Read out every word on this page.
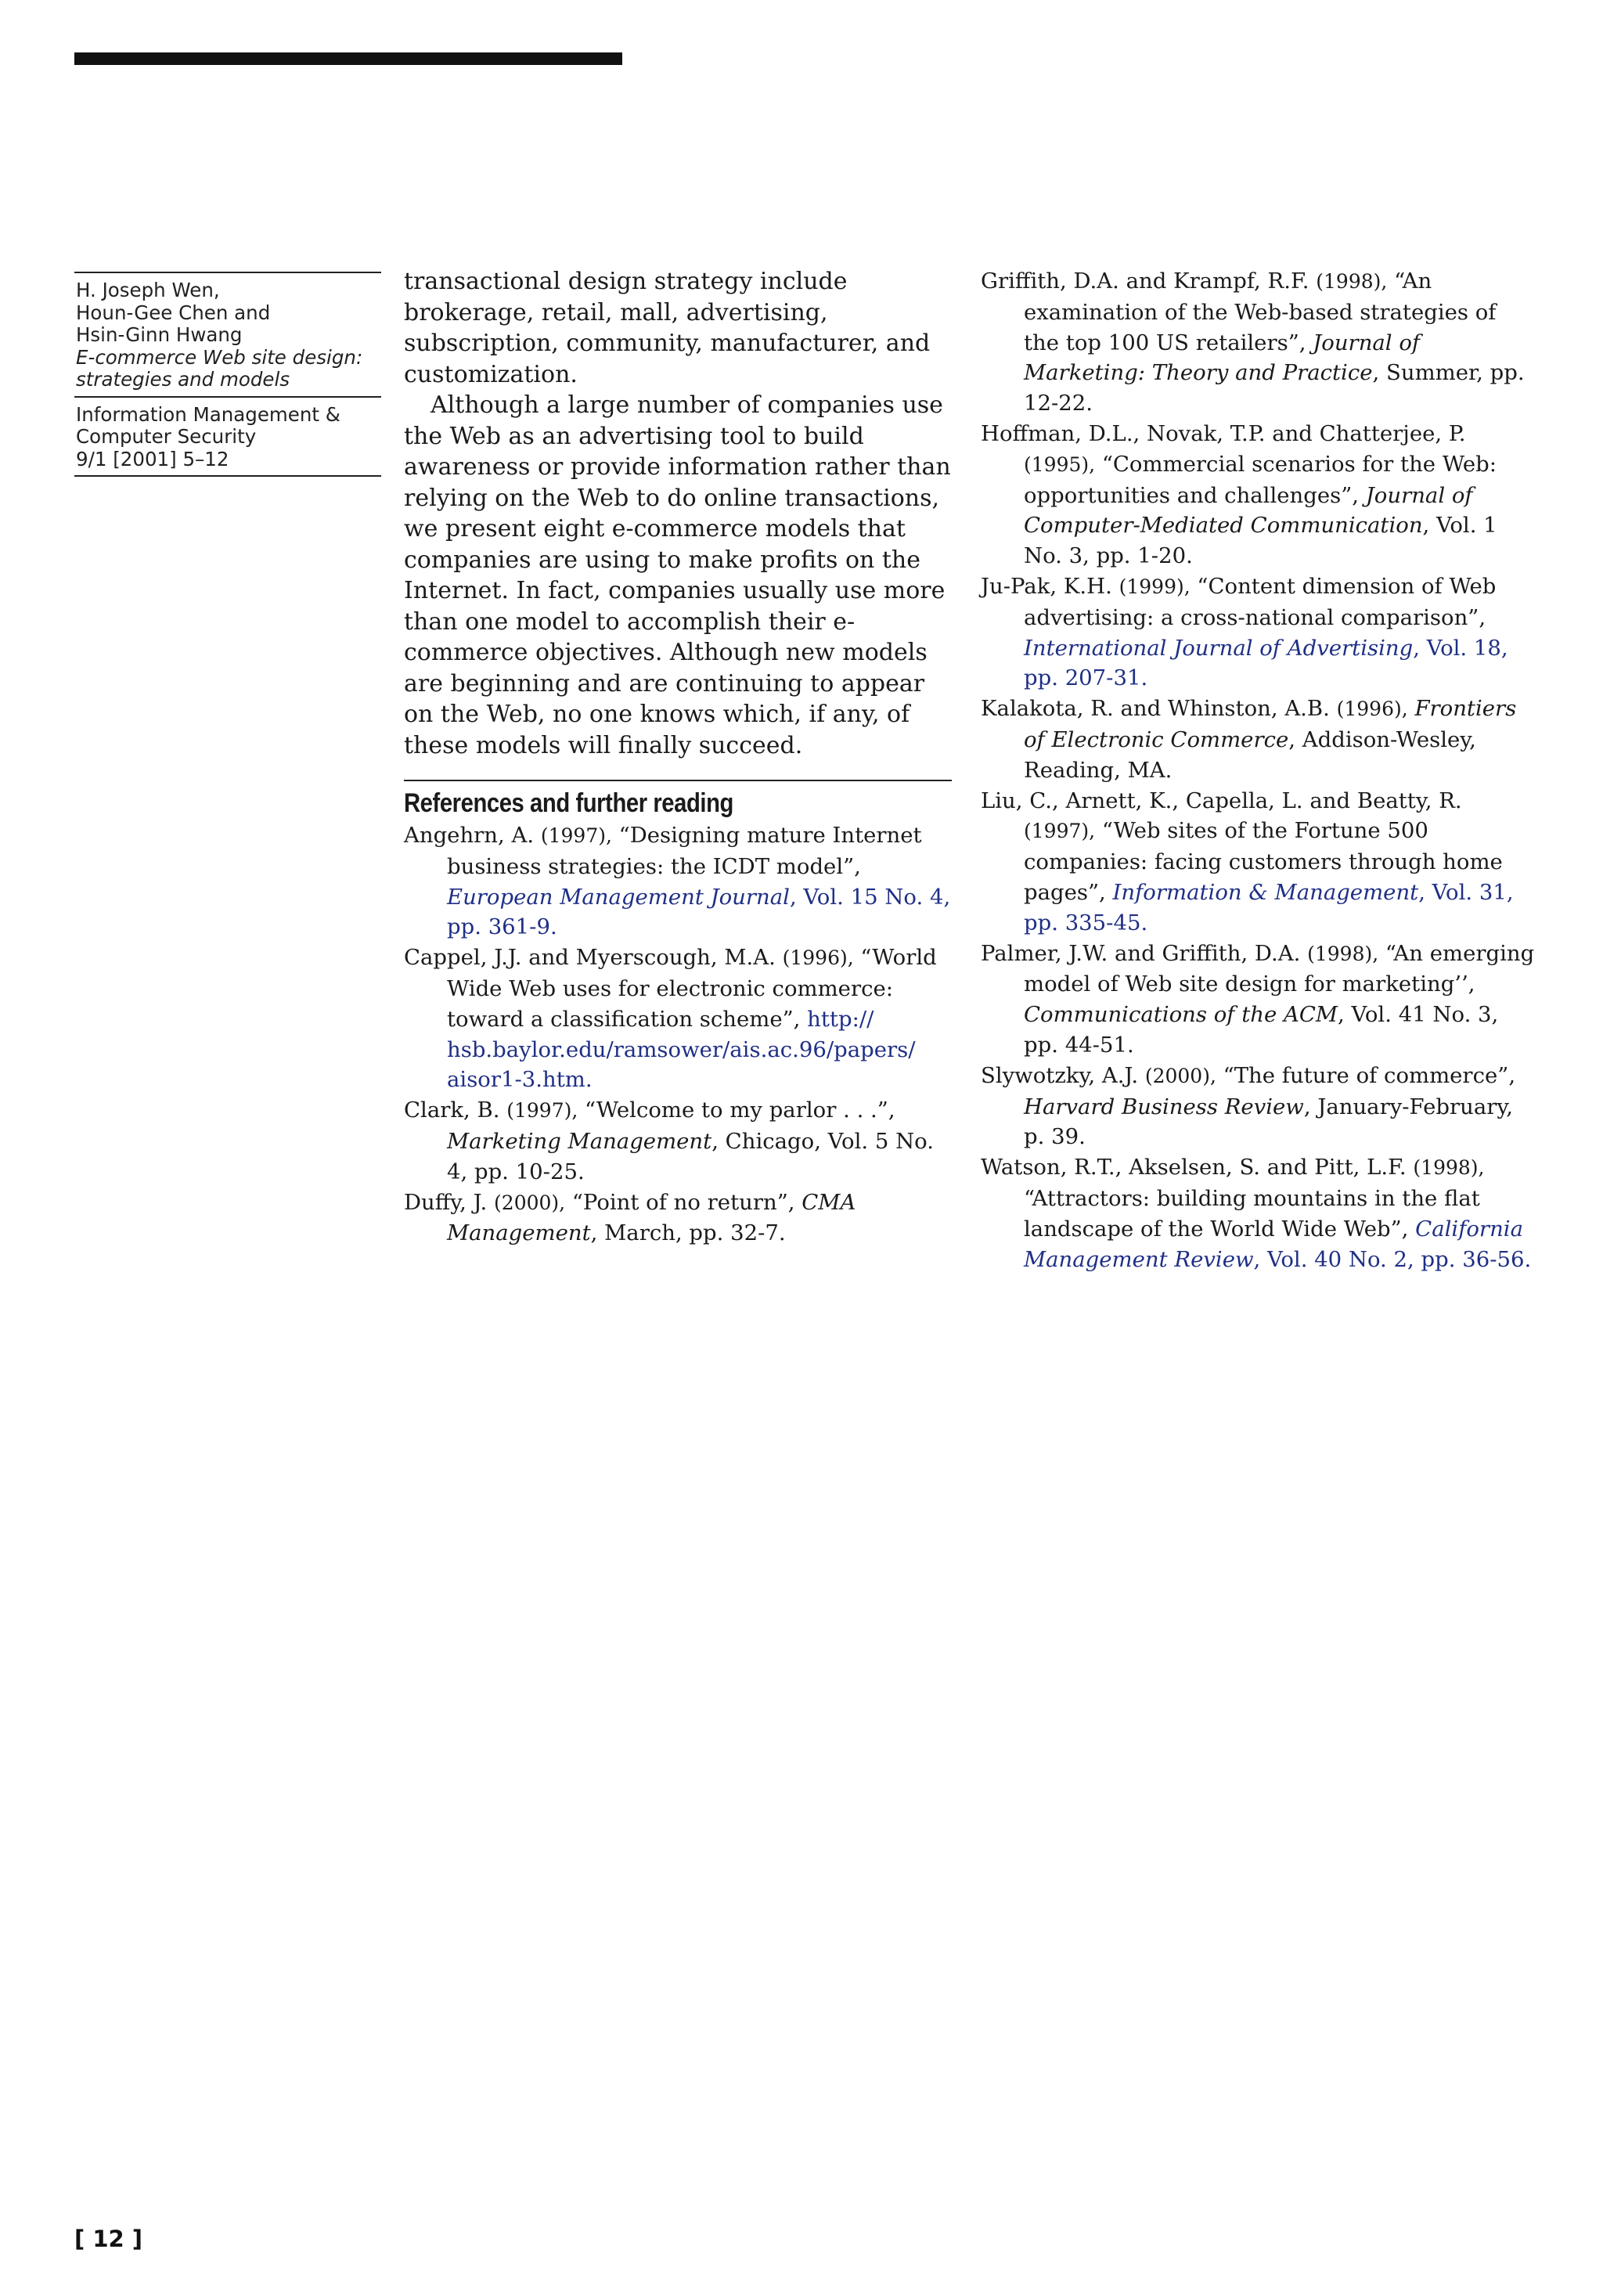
H. Joseph Wen,
Houn-Gee Chen and
Hsin-Ginn Hwang
E-commerce Web site design:
strategies and models
Information Management &
Computer Security
9/1 [2001] 5–12

transactional design strategy include brokerage, retail, mall, advertising, subscription, community, manufacturer, and customization.

Although a large number of companies use the Web as an advertising tool to build awareness or provide information rather than relying on the Web to do online transactions, we present eight e-commerce models that companies are using to make profits on the Internet. In fact, companies usually use more than one model to accomplish their e-commerce objectives. Although new models are beginning and are continuing to appear on the Web, no one knows which, if any, of these models will finally succeed.

References and further reading

Angehrn, A. (1997), “Designing mature Internet business strategies: the ICDT model”, European Management Journal, Vol. 15 No. 4, pp. 361-9.

Cappel, J.J. and Myerscough, M.A. (1996), “World Wide Web uses for electronic commerce: toward a classification scheme”, http:// hsb.baylor.edu/ramsower/ais.ac.96/papers/ aisor1-3.htm.

Clark, B. (1997), “Welcome to my parlor . . .”, Marketing Management, Chicago, Vol. 5 No. 4, pp. 10-25.

Duffy, J. (2000), “Point of no return”, CMA Management, March, pp. 32-7.

Griffith, D.A. and Krampf, R.F. (1998), “An examination of the Web-based strategies of the top 100 US retailers”, Journal of Marketing: Theory and Practice, Summer, pp. 12-22.

Hoffman, D.L., Novak, T.P. and Chatterjee, P. (1995), “Commercial scenarios for the Web: opportunities and challenges”, Journal of Computer-Mediated Communication, Vol. 1 No. 3, pp. 1-20.

Ju-Pak, K.H. (1999), “Content dimension of Web advertising: a cross-national comparison”, International Journal of Advertising, Vol. 18, pp. 207-31.

Kalakota, R. and Whinston, A.B. (1996), Frontiers of Electronic Commerce, Addison-Wesley, Reading, MA.

Liu, C., Arnett, K., Capella, L. and Beatty, R. (1997), “Web sites of the Fortune 500 companies: facing customers through home pages”, Information & Management, Vol. 31, pp. 335-45.

Palmer, J.W. and Griffith, D.A. (1998), “An emerging model of Web site design for marketing’’, Communications of the ACM, Vol. 41 No. 3, pp. 44-51.

Slywotzky, A.J. (2000), “The future of commerce”, Harvard Business Review, January-February, p. 39.

Watson, R.T., Akselsen, S. and Pitt, L.F. (1998), “Attractors: building mountains in the flat landscape of the World Wide Web”, California Management Review, Vol. 40 No. 2, pp. 36-56.

[ 12 ]
